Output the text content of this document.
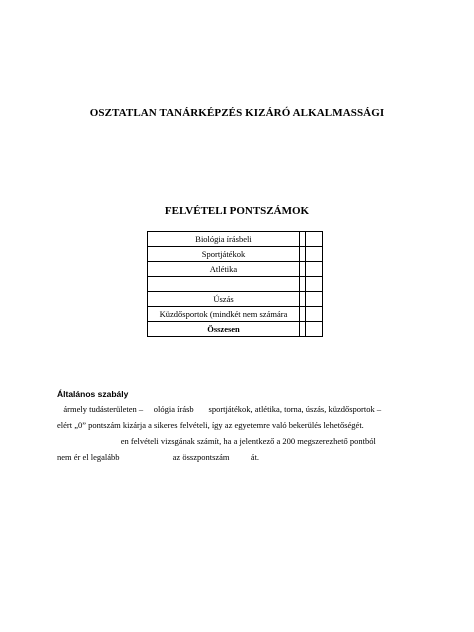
OSZTATLAN TANÁRKÉPZÉS KIZÁRÓ ALKALMASSÁGI
FELVÉTELI PONTSZÁMOK
Biológia írásbeli		
Sportjátékok		
Atlétika		

Úszás		
Küzdősportok (mindkét nem számára		
Összesen		
Általános szabály
ármely tudásterületen –     ológia írásb       sportjátékok, atlétika, torna, úszás, küzdősportok –
elért „0” pontszám kizárja a sikeres felvételi, így az egyetemre való bekerülés lehetőségét.
en felvételi vizsgának számít, ha a jelentkező a 200 megszerezhető pontból
nem ér el legalább                         az összpontszám          át.
